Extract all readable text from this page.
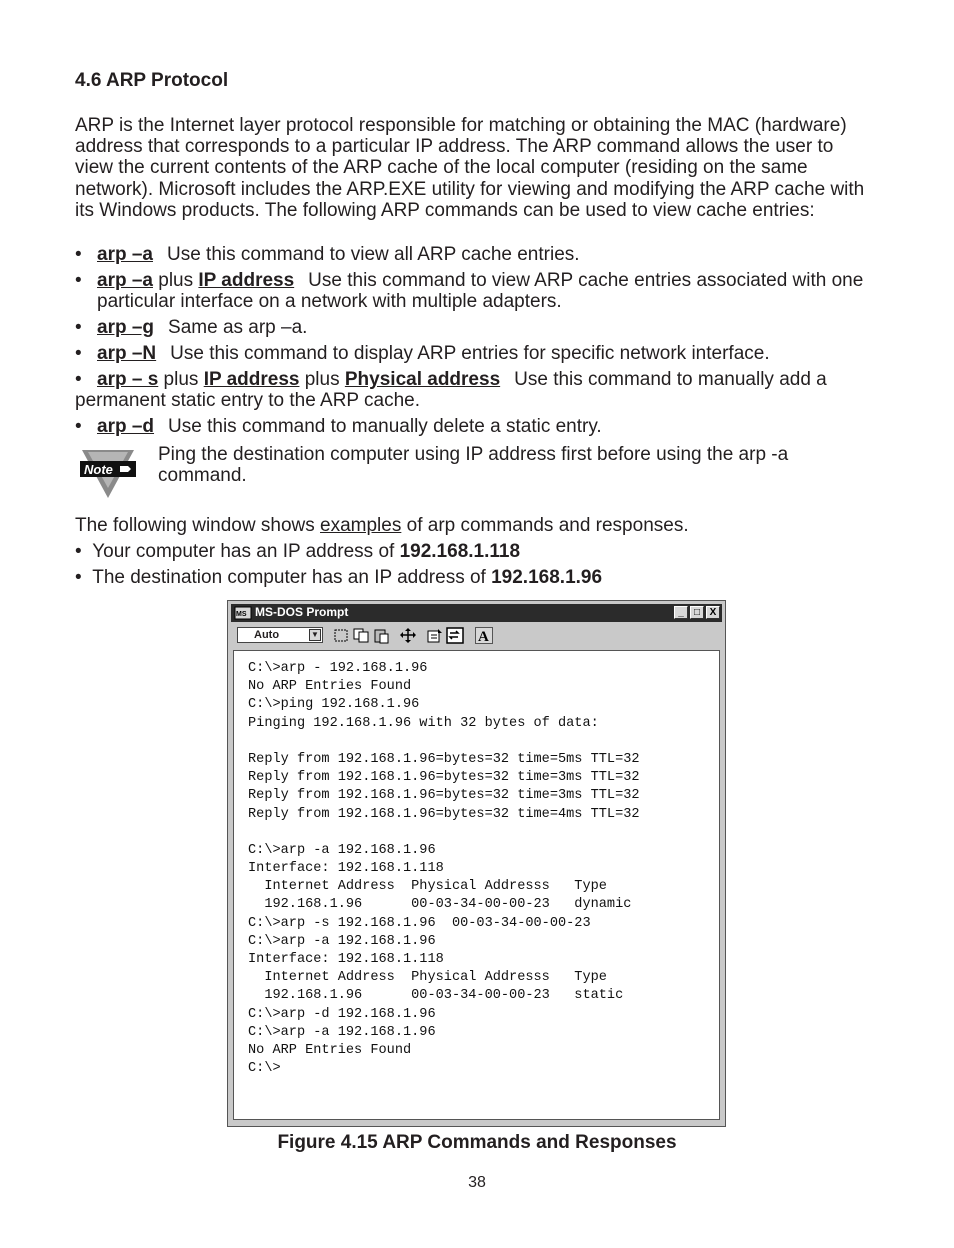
4.6 ARP Protocol
ARP is the Internet layer protocol responsible for matching or obtaining the MAC (hardware) address that corresponds to a particular IP address. The ARP command allows the user to view the current contents of the ARP cache of the local computer (residing on the same network). Microsoft includes the ARP.EXE utility for viewing and modifying the ARP cache with its Windows products. The following ARP commands can be used to view cache entries:
• arp –a Use this command to view all ARP cache entries.
• arp –a plus IP address Use this command to view ARP cache entries associated with one particular interface on a network with multiple adapters.
• arp –g Same as arp –a.
• arp –N Use this command to display ARP entries for specific network interface.
• arp – s plus IP address plus Physical address Use this command to manually add a permanent static entry to the ARP cache.
• arp –d Use this command to manually delete a static entry.
Note
Ping the destination computer using IP address first before using the arp -a command.
The following window shows examples of arp commands and responses.
• Your computer has an IP address of 192.168.1.118
• The destination computer has an IP address of 192.168.1.96
MS MS-DOS Prompt	_	□ X
Auto	▼	A
C:\>arp - 192.168.1.96
No ARP Entries Found
C:\>ping 192.168.1.96
Pinging 192.168.1.96 with 32 bytes of data:
Reply from 192.168.1.96=bytes=32 time=5ms TTL=32
Reply from 192.168.1.96=bytes=32 time=3ms TTL=32
Reply from 192.168.1.96=bytes=32 time=3ms TTL=32
Reply from 192.168.1.96=bytes=32 time=4ms TTL=32
C:\>arp -a 192.168.1.96
Interface: 192.168.1.118
Internet Address  Physical Addresss   Type
192.168.1.96      00-03-34-00-00-23   dynamic
C:\>arp -s 192.168.1.96  00-03-34-00-00-23
C:\>arp -a 192.168.1.96
Interface: 192.168.1.118
Internet Address  Physical Addresss   Type
192.168.1.96      00-03-34-00-00-23   static
C:\>arp -d 192.168.1.96
C:\>arp -a 192.168.1.96
No ARP Entries Found
C:\>
Figure 4.15 ARP Commands and Responses
38
